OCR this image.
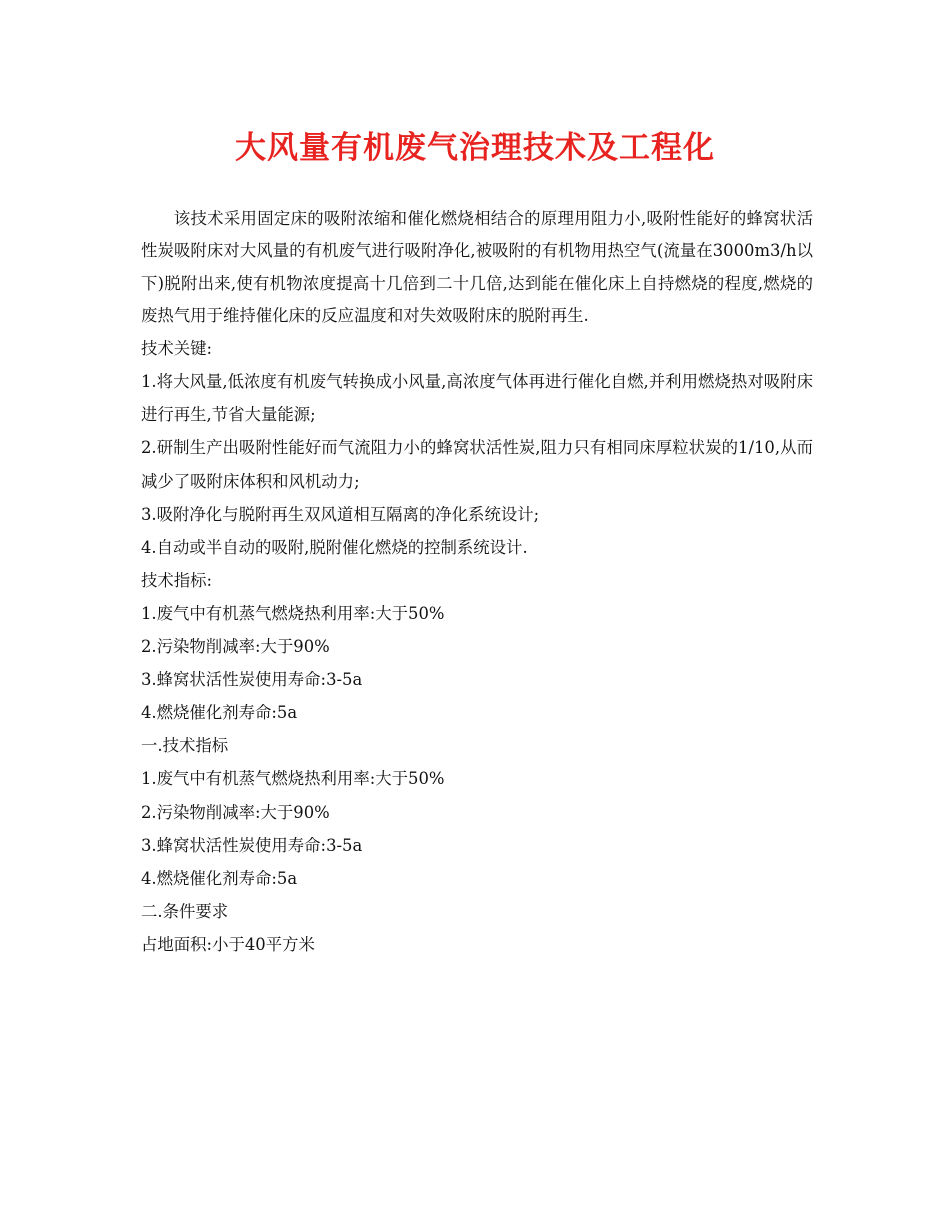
大风量有机废气治理技术及工程化

该技术采用固定床的吸附浓缩和催化燃烧相结合的原理用阻力小,吸附性能好的蜂窝状活性炭吸附床对大风量的有机废气进行吸附净化,被吸附的有机物用热空气(流量在3000m3/h以下)脱附出来,使有机物浓度提高十几倍到二十几倍,达到能在催化床上自持燃烧的程度,燃烧的废热气用于维持催化床的反应温度和对失效吸附床的脱附再生.

技术关键:

1.将大风量,低浓度有机废气转换成小风量,高浓度气体再进行催化自燃,并利用燃烧热对吸附床进行再生,节省大量能源;

2.研制生产出吸附性能好而气流阻力小的蜂窝状活性炭,阻力只有相同床厚粒状炭的1/10,从而减少了吸附床体积和风机动力;

3.吸附净化与脱附再生双风道相互隔离的净化系统设计;

4.自动或半自动的吸附,脱附催化燃烧的控制系统设计.

技术指标:

1.废气中有机蒸气燃烧热利用率:大于50%

2.污染物削减率:大于90%

3.蜂窝状活性炭使用寿命:3-5a

4.燃烧催化剂寿命:5a

一.技术指标

1.废气中有机蒸气燃烧热利用率:大于50%

2.污染物削减率:大于90%

3.蜂窝状活性炭使用寿命:3-5a

4.燃烧催化剂寿命:5a

二.条件要求

占地面积:小于40平方米
